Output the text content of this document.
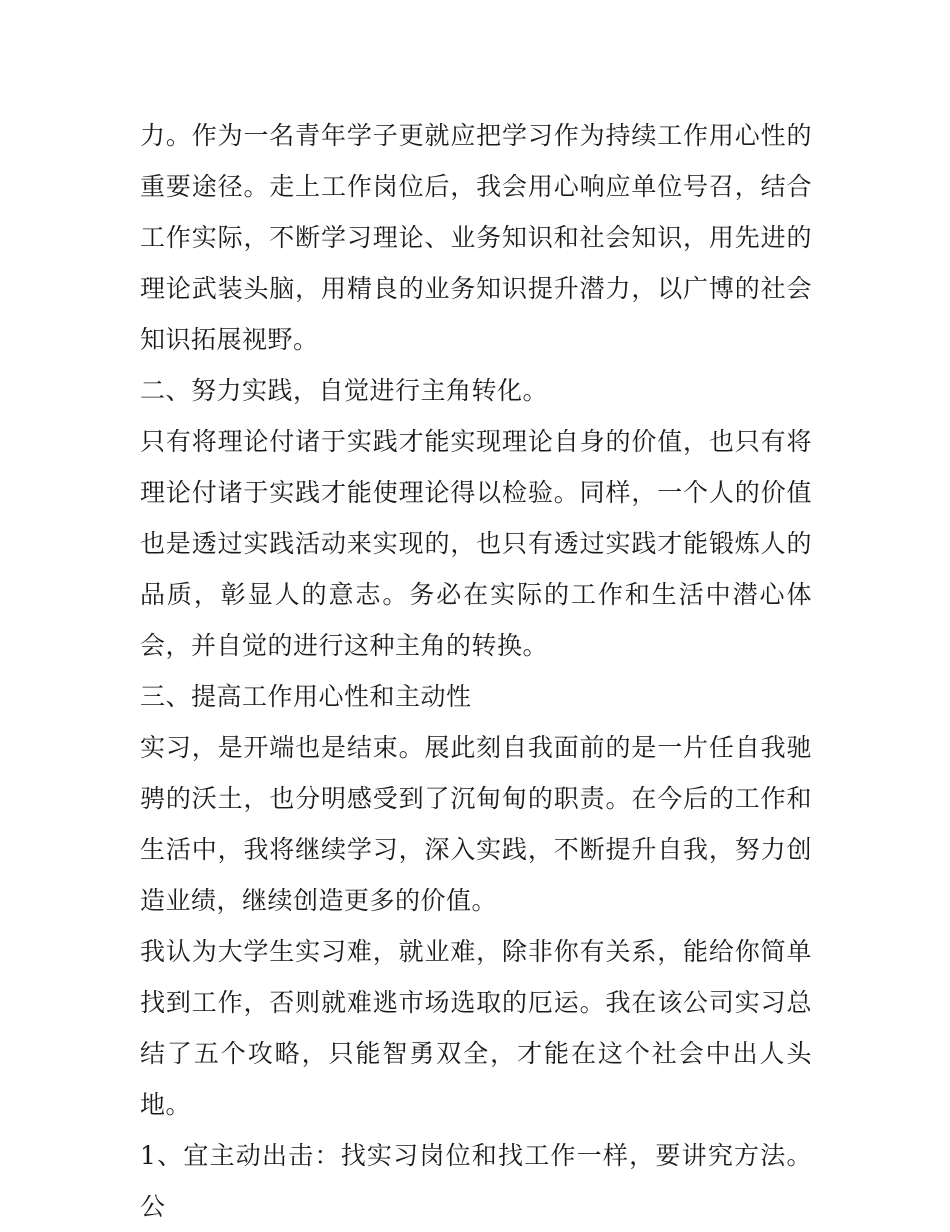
力。作为一名青年学子更就应把学习作为持续工作用心性的重要途径。走上工作岗位后，我会用心响应单位号召，结合工作实际，不断学习理论、业务知识和社会知识，用先进的理论武装头脑，用精良的业务知识提升潜力，以广博的社会知识拓展视野。

二、努力实践，自觉进行主角转化。

只有将理论付诸于实践才能实现理论自身的价值，也只有将理论付诸于实践才能使理论得以检验。同样，一个人的价值也是透过实践活动来实现的，也只有透过实践才能锻炼人的品质，彰显人的意志。务必在实际的工作和生活中潜心体会，并自觉的进行这种主角的转换。

三、提高工作用心性和主动性

实习，是开端也是结束。展此刻自我面前的是一片任自我驰骋的沃土，也分明感受到了沉甸甸的职责。在今后的工作和生活中，我将继续学习，深入实践，不断提升自我，努力创造业绩，继续创造更多的价值。

我认为大学生实习难，就业难，除非你有关系，能给你简单找到工作，否则就难逃市场选取的厄运。我在该公司实习总结了五个攻略，只能智勇双全，才能在这个社会中出人头地。

1、宜主动出击：找实习岗位和找工作一样，要讲究方法。公
